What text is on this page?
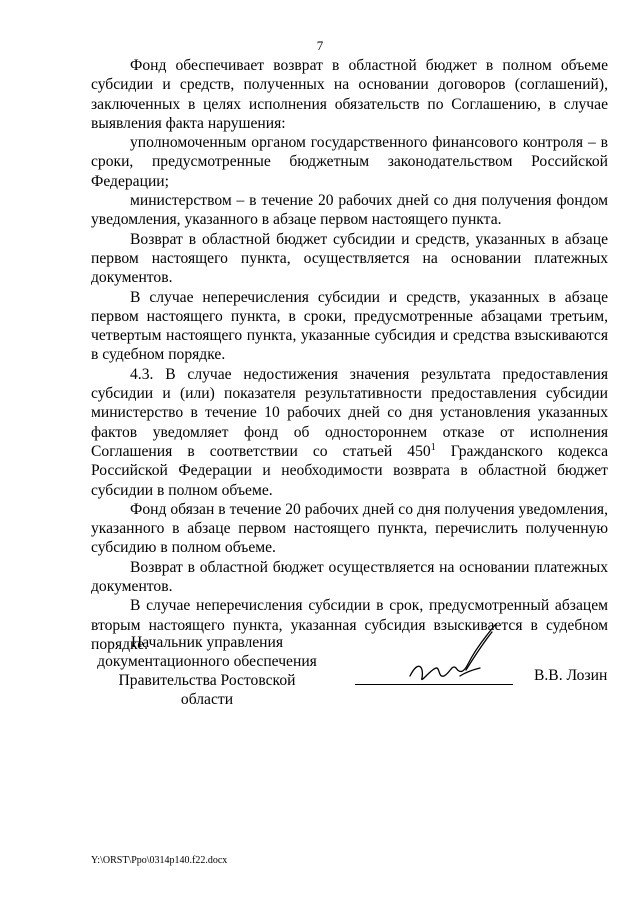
7

Фонд обеспечивает возврат в областной бюджет в полном объеме субсидии и средств, полученных на основании договоров (соглашений), заключенных в целях исполнения обязательств по Соглашению, в случае выявления факта нарушения:

уполномоченным органом государственного финансового контроля – в сроки, предусмотренные бюджетным законодательством Российской Федерации;

министерством – в течение 20 рабочих дней со дня получения фондом уведомления, указанного в абзаце первом настоящего пункта.

Возврат в областной бюджет субсидии и средств, указанных в абзаце первом настоящего пункта, осуществляется на основании платежных документов.

В случае неперечисления субсидии и средств, указанных в абзаце первом настоящего пункта, в сроки, предусмотренные абзацами третьим, четвертым настоящего пункта, указанные субсидия и средства взыскиваются в судебном порядке.

4.3. В случае недостижения значения результата предоставления субсидии и (или) показателя результативности предоставления субсидии министерство в течение 10 рабочих дней со дня установления указанных фактов уведомляет фонд об одностороннем отказе от исполнения Соглашения в соответствии со статьей $450^1$ Гражданского кодекса Российской Федерации и необходимости возврата в областной бюджет субсидии в полном объеме.

Фонд обязан в течение 20 рабочих дней со дня получения уведомления, указанного в абзаце первом настоящего пункта, перечислить полученную субсидию в полном объеме.

Возврат в областной бюджет осуществляется на основании платежных документов.

В случае неперечисления субсидии в срок, предусмотренный абзацем вторым настоящего пункта, указанная субсидия взыскивается в судебном порядке.

Начальник управления
документационного обеспечения
Правительства Ростовской области
В.В. Лозин
Y:\ORST\Ppo\0314p140.f22.docx
